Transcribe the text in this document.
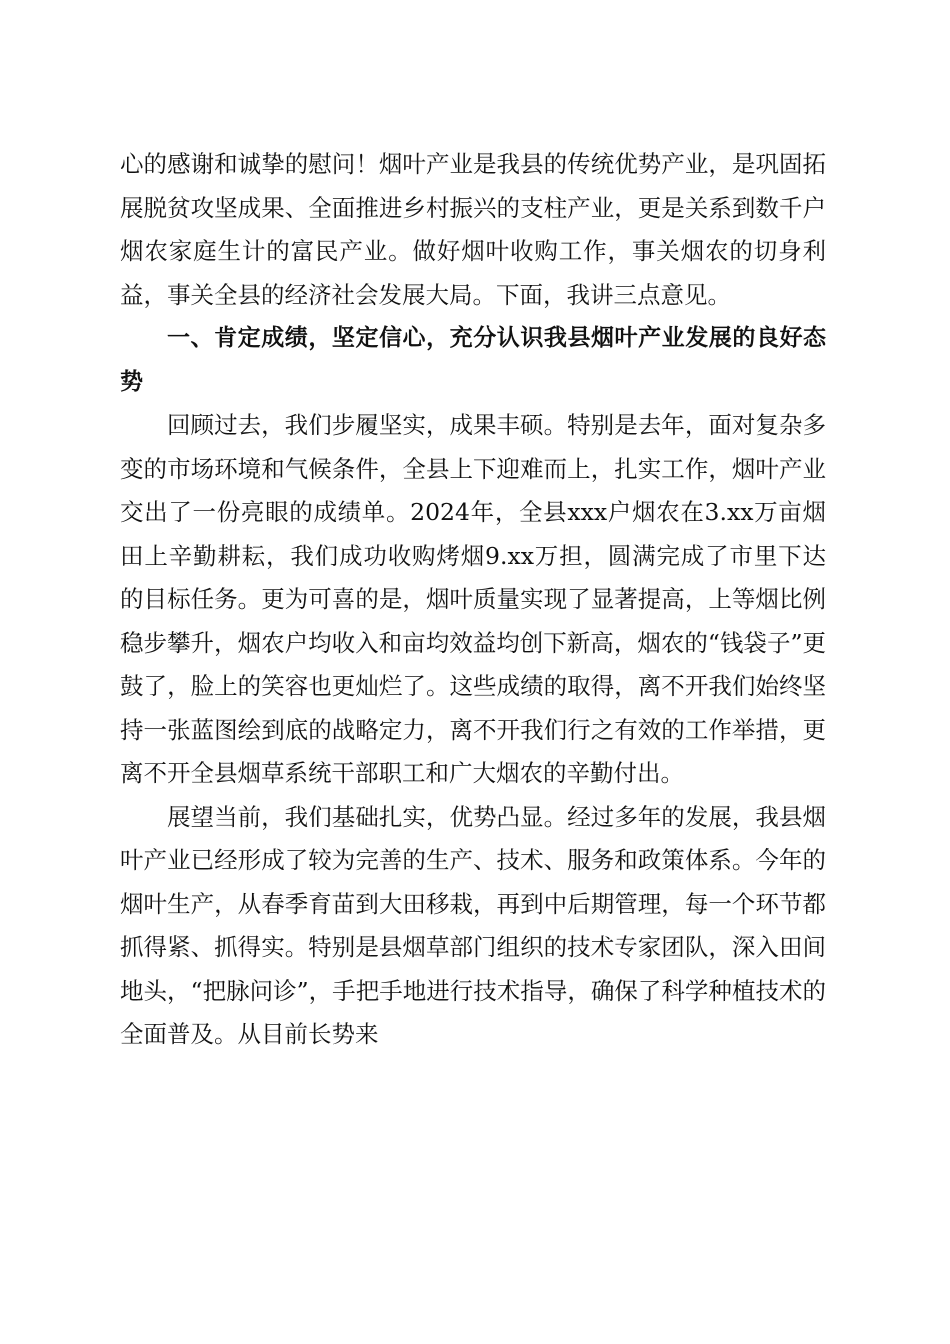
心的感谢和诚挚的慰问！烟叶产业是我县的传统优势产业，是巩固拓展脱贫攻坚成果、全面推进乡村振兴的支柱产业，更是关系到数千户烟农家庭生计的富民产业。做好烟叶收购工作，事关烟农的切身利益，事关全县的经济社会发展大局。下面，我讲三点意见。

一、肯定成绩，坚定信心，充分认识我县烟叶产业发展的良好态势

回顾过去，我们步履坚实，成果丰硕。特别是去年，面对复杂多变的市场环境和气候条件，全县上下迎难而上，扎实工作，烟叶产业交出了一份亮眼的成绩单。2024年，全县xxx户烟农在3.xx万亩烟田上辛勤耕耘，我们成功收购烤烟9.xx万担，圆满完成了市里下达的目标任务。更为可喜的是，烟叶质量实现了显著提高，上等烟比例稳步攀升，烟农户均收入和亩均效益均创下新高，烟农的“钱袋子”更鼓了，脸上的笑容也更灿烂了。这些成绩的取得，离不开我们始终坚持一张蓝图绘到底的战略定力，离不开我们行之有效的工作举措，更离不开全县烟草系统干部职工和广大烟农的辛勤付出。

展望当前，我们基础扎实，优势凸显。经过多年的发展，我县烟叶产业已经形成了较为完善的生产、技术、服务和政策体系。今年的烟叶生产，从春季育苗到大田移栽，再到中后期管理，每一个环节都抓得紧、抓得实。特别是县烟草部门组织的技术专家团队，深入田间地头，“把脉问诊”，手把手地进行技术指导，确保了科学种植技术的全面普及。从目前长势来
